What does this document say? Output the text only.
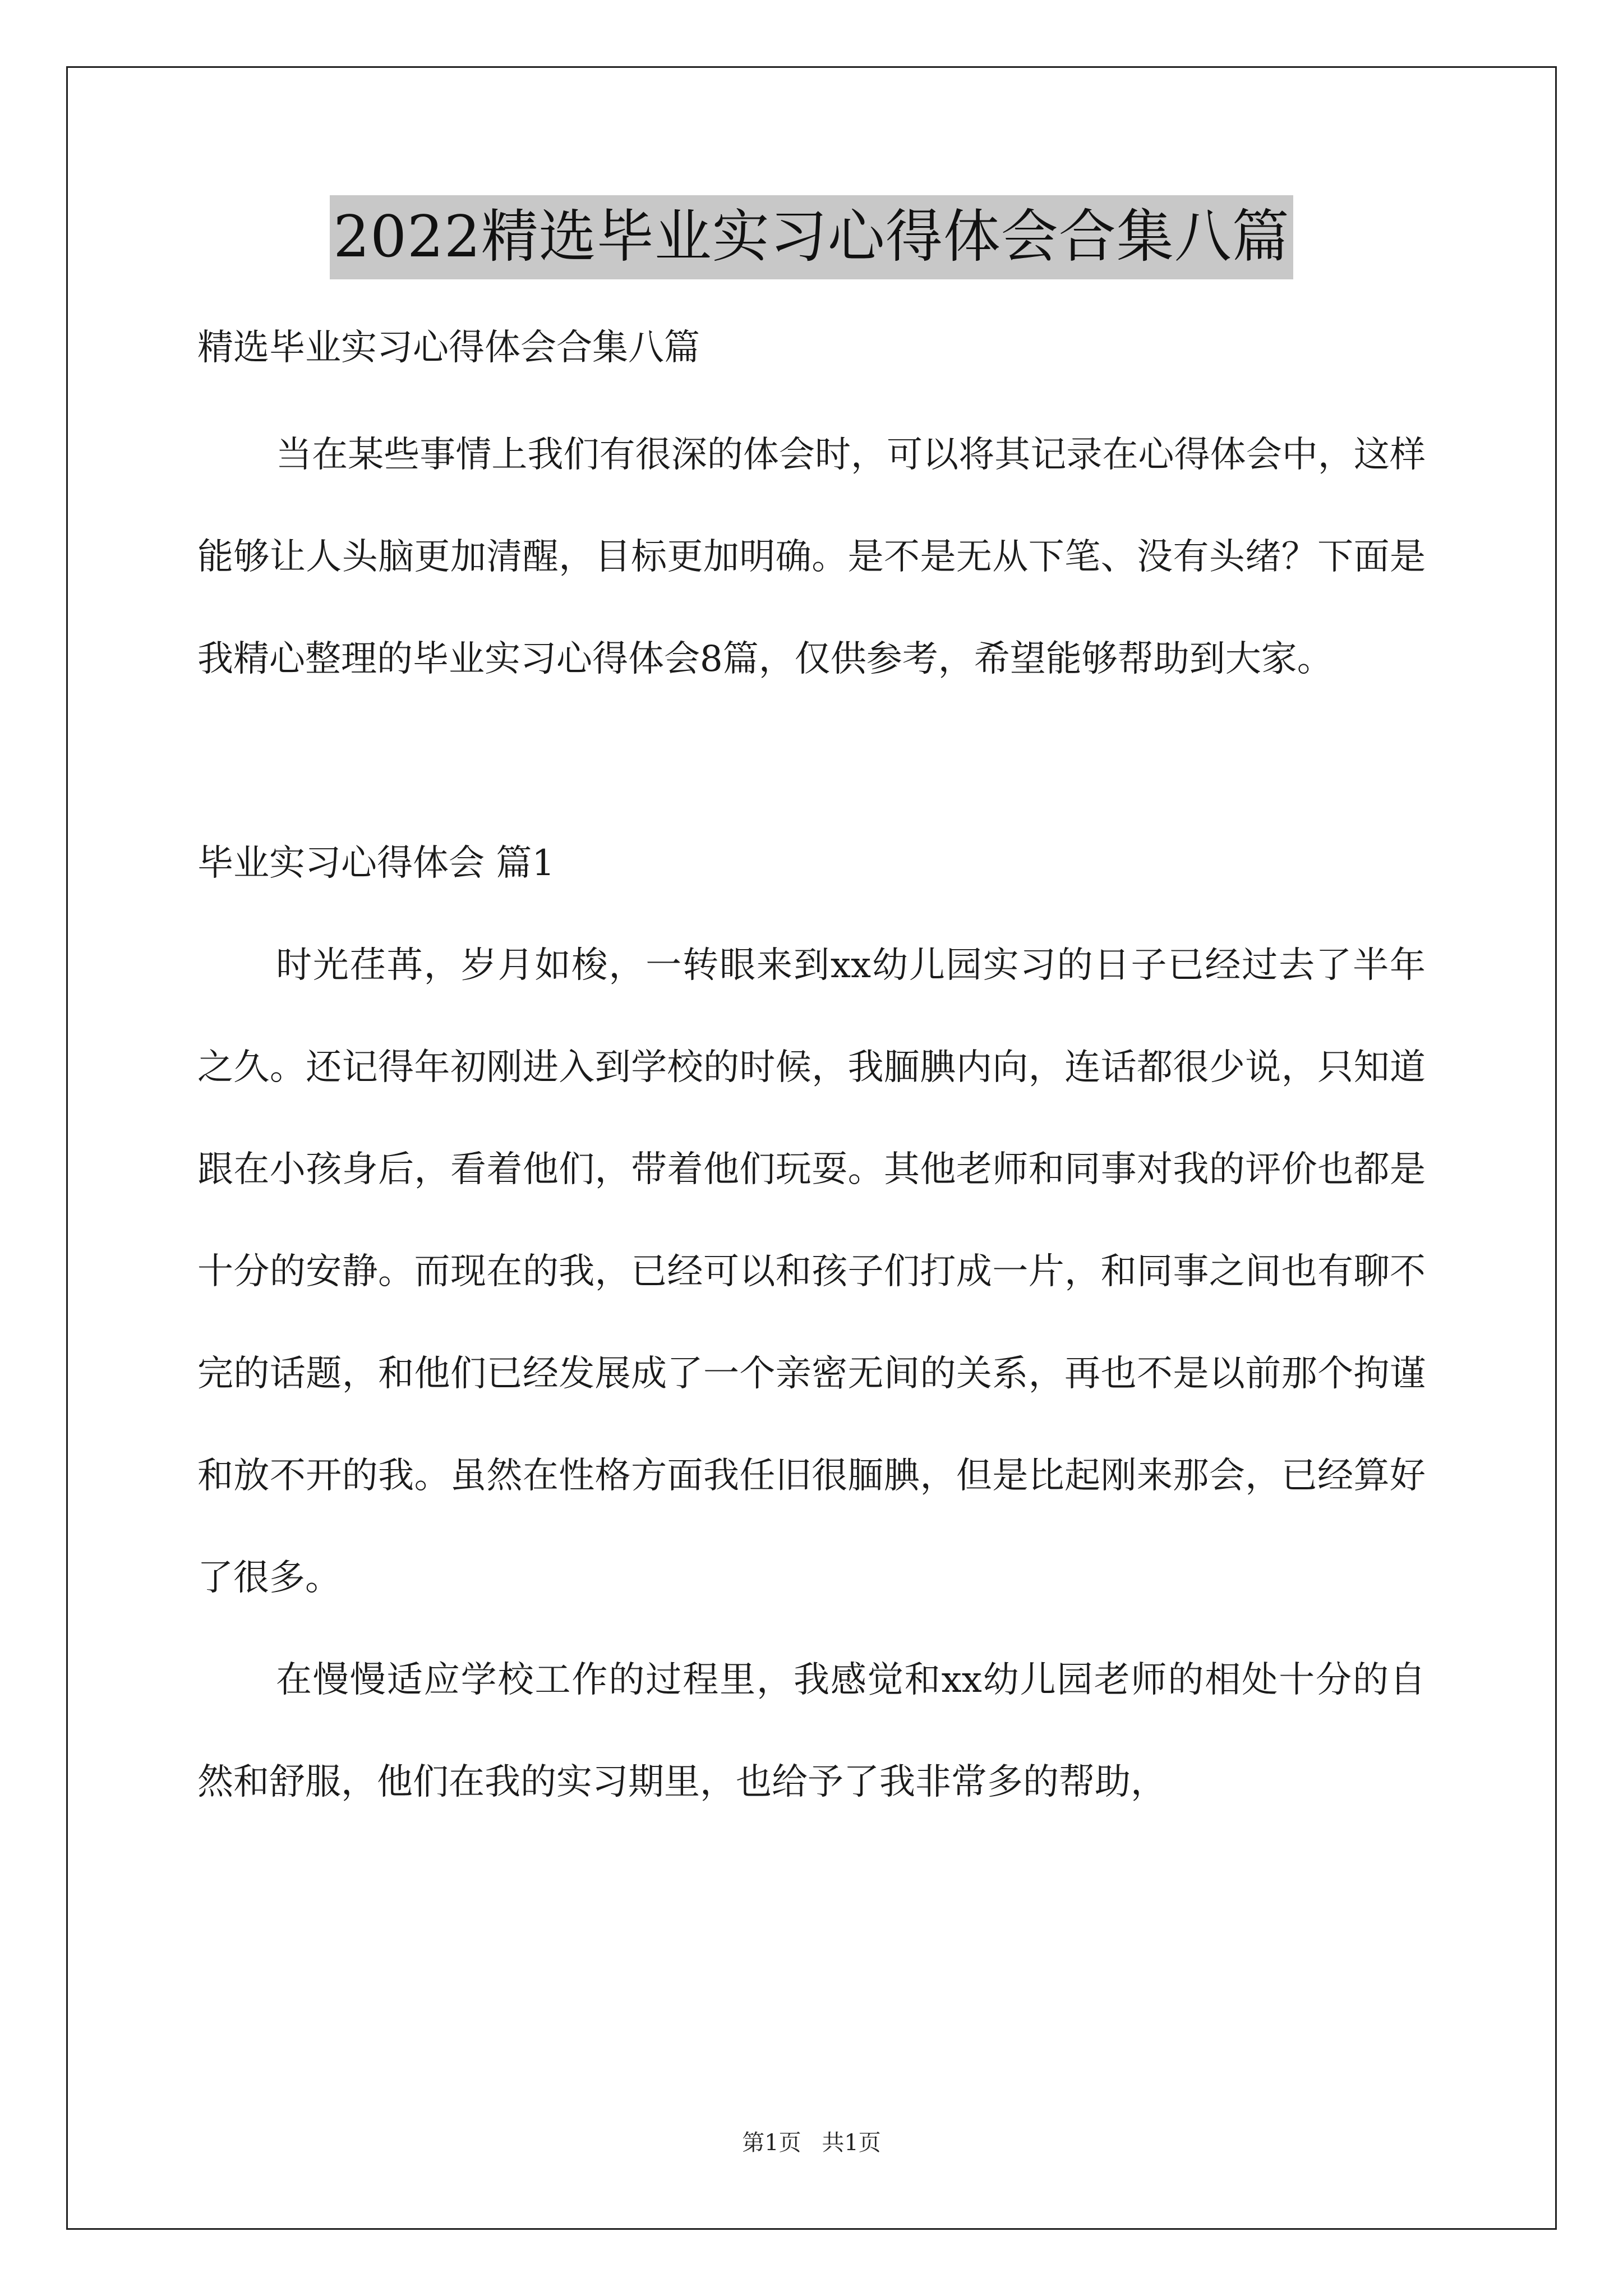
2022精选毕业实习心得体会合集八篇

精选毕业实习心得体会合集八篇

当在某些事情上我们有很深的体会时，可以将其记录在心得体会中，这样能够让人头脑更加清醒，目标更加明确。是不是无从下笔、没有头绪？下面是我精心整理的毕业实习心得体会8篇，仅供参考，希望能够帮助到大家。

毕业实习心得体会 篇1

时光荏苒，岁月如梭，一转眼来到xx幼儿园实习的日子已经过去了半年之久。还记得年初刚进入到学校的时候，我腼腆内向，连话都很少说，只知道跟在小孩身后，看着他们，带着他们玩耍。其他老师和同事对我的评价也都是十分的安静。而现在的我，已经可以和孩子们打成一片，和同事之间也有聊不完的话题，和他们已经发展成了一个亲密无间的关系，再也不是以前那个拘谨和放不开的我。虽然在性格方面我任旧很腼腆，但是比起刚来那会，已经算好了很多。

在慢慢适应学校工作的过程里，我感觉和xx幼儿园老师的相处十分的自然和舒服，他们在我的实习期里，也给予了我非常多的帮助，

第1页 共1页
